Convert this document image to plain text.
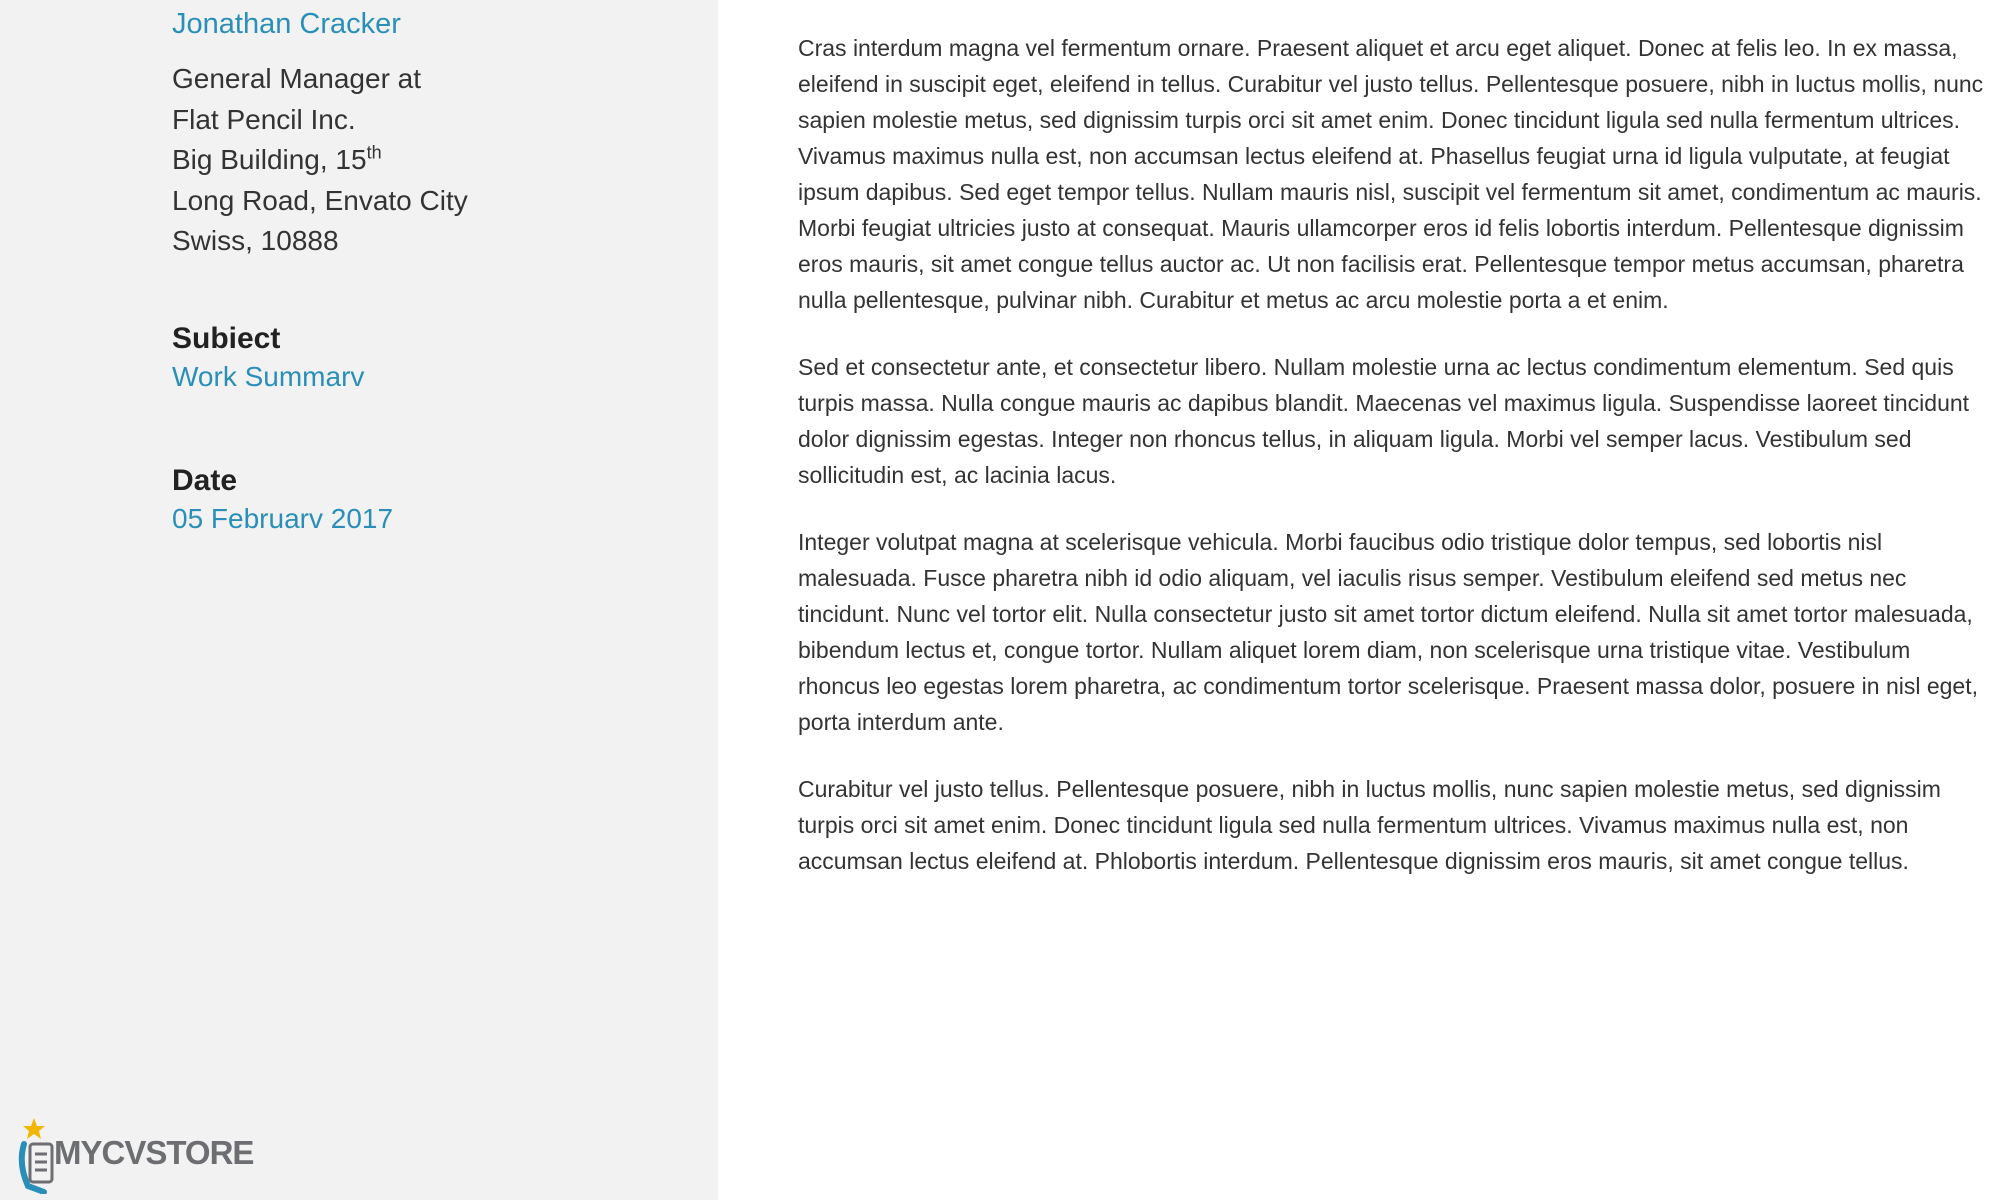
Jonathan Cracker
General Manager at
Flat Pencil Inc.
Big Building, 15th
Long Road, Envato City
Swiss, 10888
Subiect
Work Summarv
Date
05 Februarv 2017
MYCVSTORE

Cras interdum magna vel fermentum ornare. Praesent aliquet et arcu eget aliquet. Donec at felis leo. In ex massa, eleifend in suscipit eget, eleifend in tellus. Curabitur vel justo tellus. Pellentesque posuere, nibh in luctus mollis, nunc sapien molestie metus, sed dignissim turpis orci sit amet enim. Donec tincidunt ligula sed nulla fermentum ultrices. Vivamus maximus nulla est, non accumsan lectus eleifend at. Phasellus feugiat urna id ligula vulputate, at feugiat ipsum dapibus. Sed eget tempor tellus. Nullam mauris nisl, suscipit vel fermentum sit amet, condimentum ac mauris. Morbi feugiat ultricies justo at consequat. Mauris ullamcorper eros id felis lobortis interdum. Pellentesque dignissim eros mauris, sit amet congue tellus auctor ac. Ut non facilisis erat. Pellentesque tempor metus accumsan, pharetra nulla pellentesque, pulvinar nibh. Curabitur et metus ac arcu molestie porta a et enim.

Sed et consectetur ante, et consectetur libero. Nullam molestie urna ac lectus condimentum elementum. Sed quis turpis massa. Nulla congue mauris ac dapibus blandit. Maecenas vel maximus ligula. Suspendisse laoreet tincidunt dolor dignissim egestas. Integer non rhoncus tellus, in aliquam ligula. Morbi vel semper lacus. Vestibulum sed sollicitudin est, ac lacinia lacus.

Integer volutpat magna at scelerisque vehicula. Morbi faucibus odio tristique dolor tempus, sed lobortis nisl malesuada. Fusce pharetra nibh id odio aliquam, vel iaculis risus semper. Vestibulum eleifend sed metus nec tincidunt. Nunc vel tortor elit. Nulla consectetur justo sit amet tortor dictum eleifend. Nulla sit amet tortor malesuada, bibendum lectus et, congue tortor. Nullam aliquet lorem diam, non scelerisque urna tristique vitae. Vestibulum rhoncus leo egestas lorem pharetra, ac condimentum tortor scelerisque. Praesent massa dolor, posuere in nisl eget, porta interdum ante.

Curabitur vel justo tellus. Pellentesque posuere, nibh in luctus mollis, nunc sapien molestie metus, sed dignissim turpis orci sit amet enim. Donec tincidunt ligula sed nulla fermentum ultrices. Vivamus maximus nulla est, non accumsan lectus eleifend at. Phlobortis interdum. Pellentesque dignissim eros mauris, sit amet congue tellus.
